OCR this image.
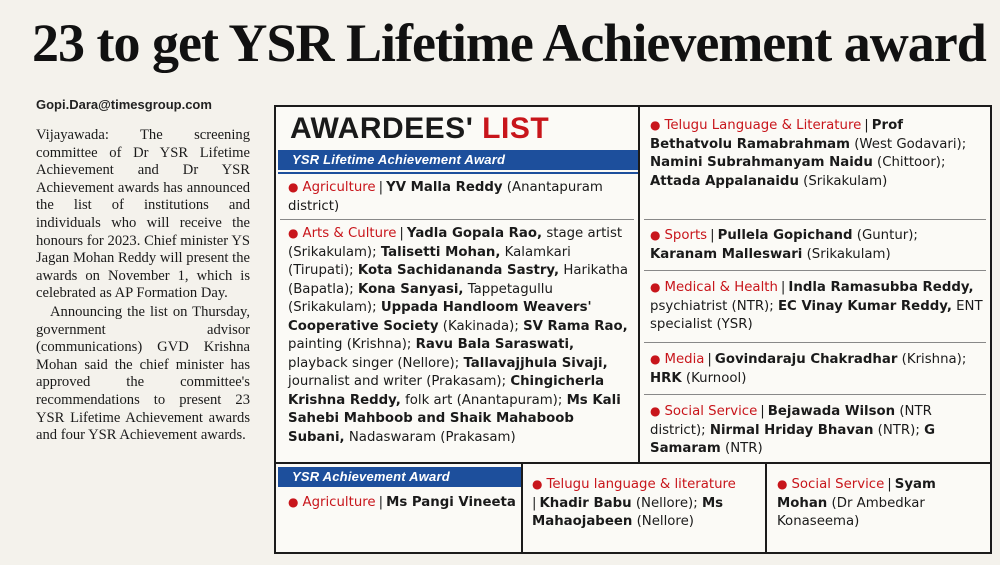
23 to get YSR Lifetime Achievement award
Gopi.Dara@timesgroup.com

Vijayawada: The screening committee of Dr YSR Lifetime Achievement and Dr YSR Achievement awards has announced the list of institutions and individuals who will receive the honours for 2023. Chief minister YS Jagan Mohan Reddy will present the awards on November 1, which is celebrated as AP Formation Day.

Announcing the list on Thursday, government advisor (communications) GVD Krishna Mohan said the chief minister has approved the committee's recommendations to present 23 YSR Lifetime Achievement awards and four YSR Achievement awards.

AWARDEES' LIST
YSR Lifetime Achievement Award
● Agriculture | YV Malla Reddy (Anantapuram district)
● Arts & Culture | Yadla Gopala Rao, stage artist (Srikakulam); Talisetti Mohan, Kalamkari (Tirupati); Kota Sachidananda Sastry, Harikatha (Bapatla); Kona Sanyasi, Tappetagullu (Srikakulam); Uppada Handloom Weavers' Cooperative Society (Kakinada); SV Rama Rao, painting (Krishna); Ravu Bala Saraswati, playback singer (Nellore); Tallavajjhula Sivaji, journalist and writer (Prakasam); Chingicherla Krishna Reddy, folk art (Anantapuram); Ms Kali Sahebi Mahboob and Shaik Mahaboob Subani, Nadaswaram (Prakasam)
● Telugu Language & Literature | Prof Bethatvolu Ramabrahmam (West Godavari); Namini Subrahmanyam Naidu (Chittoor); Attada Appalanaidu (Srikakulam)
● Sports | Pullela Gopichand (Guntur); Karanam Malleswari (Srikakulam)
● Medical & Health | Indla Ramasubba Reddy, psychiatrist (NTR); EC Vinay Kumar Reddy, ENT specialist (YSR)
● Media | Govindaraju Chakradhar (Krishna); HRK (Kurnool)
● Social Service | Bejawada Wilson (NTR district); Nirmal Hriday Bhavan (NTR); G Samaram (NTR)
YSR Achievement Award
● Agriculture | Ms Pangi Vineeta
● Telugu language & literature
| Khadir Babu (Nellore); Ms Mahaojabeen (Nellore)
● Social Service | Syam Mohan (Dr Ambedkar Konaseema)
